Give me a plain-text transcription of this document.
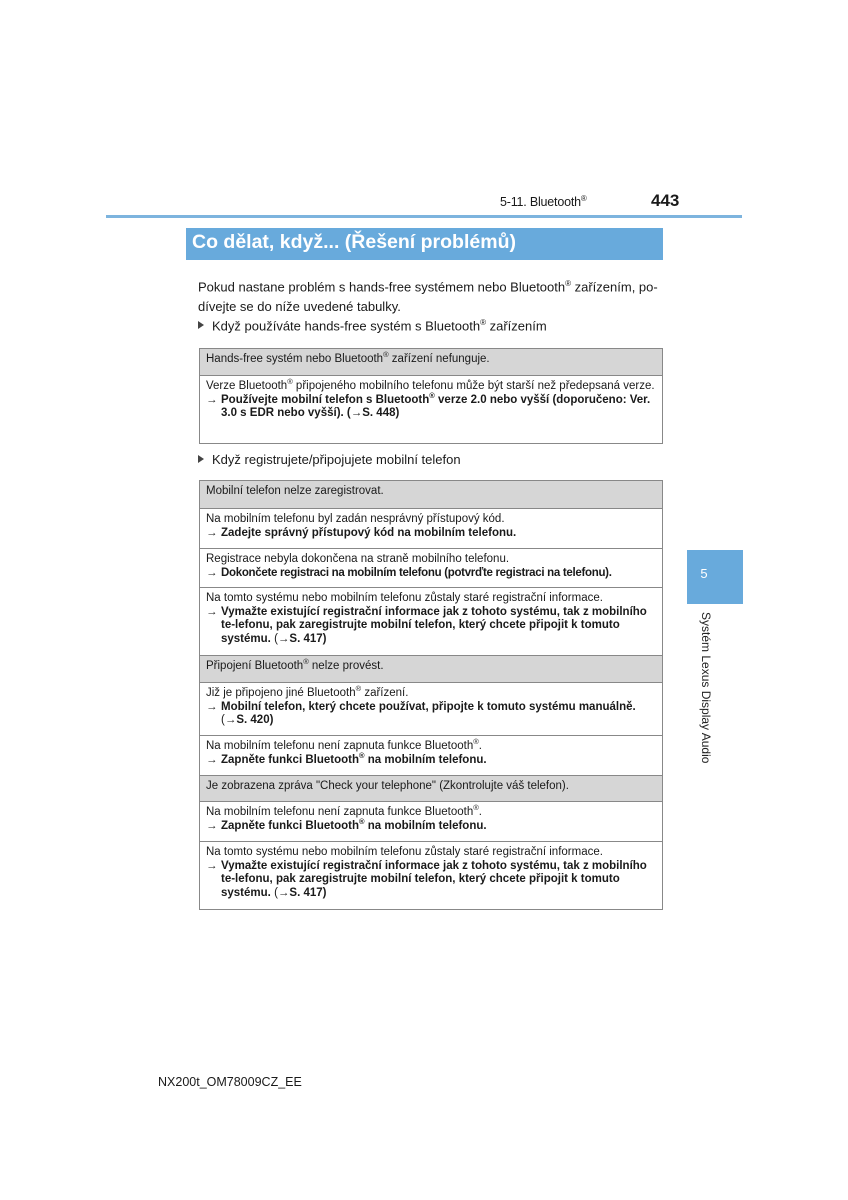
5-11. Bluetooth®	443
Co dělat, když... (Řešení problémů)
Pokud nastane problém s hands-free systémem nebo Bluetooth® zařízením, po-dívejte se do níže uvedené tabulky.
Když používáte hands-free systém s Bluetooth® zařízením
Hands-free systém nebo Bluetooth® zařízení nefunguje.
Verze Bluetooth® připojeného mobilního telefonu může být starší než předepsaná verze.
→ Používejte mobilní telefon s Bluetooth® verze 2.0 nebo vyšší (doporučeno: Ver. 3.0 s EDR nebo vyšší). (→S. 448)
Když registrujete/připojujete mobilní telefon
Mobilní telefon nelze zaregistrovat.
Na mobilním telefonu byl zadán nesprávný přístupový kód.
→ Zadejte správný přístupový kód na mobilním telefonu.
Registrace nebyla dokončena na straně mobilního telefonu.
→ Dokončete registraci na mobilním telefonu (potvrďte registraci na telefonu).
Na tomto systému nebo mobilním telefonu zůstaly staré registrační informace.
→ Vymažte existující registrační informace jak z tohoto systému, tak z mobilního te-lefonu, pak zaregistrujte mobilní telefon, který chcete připojit k tomuto systému. (→S. 417)
Připojení Bluetooth® nelze provést.
Již je připojeno jiné Bluetooth® zařízení.
→ Mobilní telefon, který chcete používat, připojte k tomuto systému manuálně. (→S. 420)
Na mobilním telefonu není zapnuta funkce Bluetooth®.
→ Zapněte funkci Bluetooth® na mobilním telefonu.
Je zobrazena zpráva "Check your telephone" (Zkontrolujte váš telefon).
Na mobilním telefonu není zapnuta funkce Bluetooth®.
→ Zapněte funkci Bluetooth® na mobilním telefonu.
Na tomto systému nebo mobilním telefonu zůstaly staré registrační informace.
→ Vymažte existující registrační informace jak z tohoto systému, tak z mobilního te-lefonu, pak zaregistrujte mobilní telefon, který chcete připojit k tomuto systému. (→S. 417)
5
Systém Lexus Display Audio
NX200t_OM78009CZ_EE
